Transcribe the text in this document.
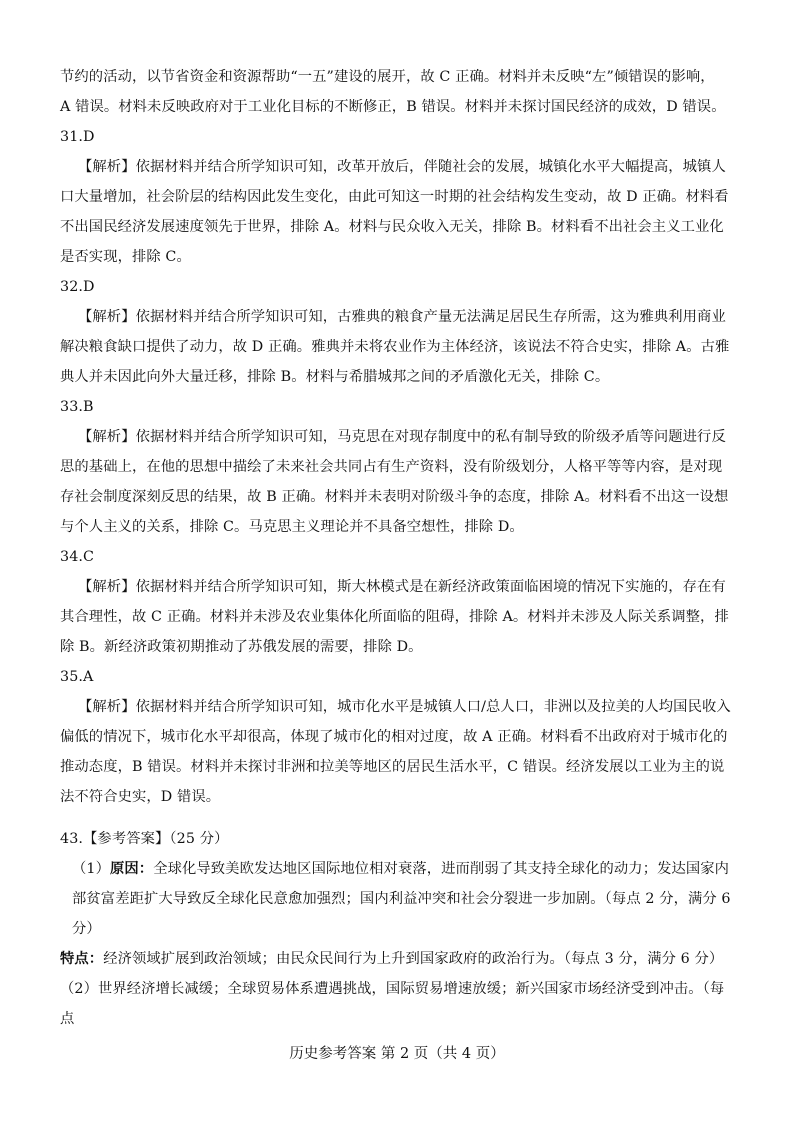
节约的活动，以节省资金和资源帮助“一五”建设的展开，故 C 正确。材料并未反映“左”倾错误的影响，

A 错误。材料未反映政府对于工业化目标的不断修正，B 错误。材料并未探讨国民经济的成效，D 错误。

31.D

【解析】依据材料并结合所学知识可知，改革开放后，伴随社会的发展，城镇化水平大幅提高，城镇人口大量增加，社会阶层的结构因此发生变化，由此可知这一时期的社会结构发生变动，故 D 正确。材料看不出国民经济发展速度领先于世界，排除 A。材料与民众收入无关，排除 B。材料看不出社会主义工业化是否实现，排除 C。

32.D

【解析】依据材料并结合所学知识可知，古雅典的粮食产量无法满足居民生存所需，这为雅典利用商业解决粮食缺口提供了动力，故 D 正确。雅典并未将农业作为主体经济，该说法不符合史实，排除 A。古雅典人并未因此向外大量迁移，排除 B。材料与希腊城邦之间的矛盾激化无关，排除 C。

33.B

【解析】依据材料并结合所学知识可知，马克思在对现存制度中的私有制导致的阶级矛盾等问题进行反思的基础上，在他的思想中描绘了未来社会共同占有生产资料，没有阶级划分，人格平等等内容，是对现存社会制度深刻反思的结果，故 B 正确。材料并未表明对阶级斗争的态度，排除 A。材料看不出这一设想与个人主义的关系，排除 C。马克思主义理论并不具备空想性，排除 D。

34.C

【解析】依据材料并结合所学知识可知，斯大林模式是在新经济政策面临困境的情况下实施的，存在有其合理性，故 C 正确。材料并未涉及农业集体化所面临的阻碍，排除 A。材料并未涉及人际关系调整，排除 B。新经济政策初期推动了苏俄发展的需要，排除 D。

35.A

【解析】依据材料并结合所学知识可知，城市化水平是城镇人口/总人口，非洲以及拉美的人均国民收入偏低的情况下，城市化水平却很高，体现了城市化的相对过度，故 A 正确。材料看不出政府对于城市化的推动态度，B 错误。材料并未探讨非洲和拉美等地区的居民生活水平，C 错误。经济发展以工业为主的说法不符合史实，D 错误。

43.【参考答案】（25 分）

（1）原因：全球化导致美欧发达地区国际地位相对衰落，进而削弱了其支持全球化的动力；发达国家内部贫富差距扩大导致反全球化民意愈加强烈；国内利益冲突和社会分裂进一步加剧。（每点 2 分，满分 6 分）

特点：经济领域扩展到政治领域；由民众民间行为上升到国家政府的政治行为。（每点 3 分，满分 6 分）

（2）世界经济增长减缓；全球贸易体系遭遇挑战，国际贸易增速放缓；新兴国家市场经济受到冲击。（每点

历史参考答案 第 2 页（共 4 页）
